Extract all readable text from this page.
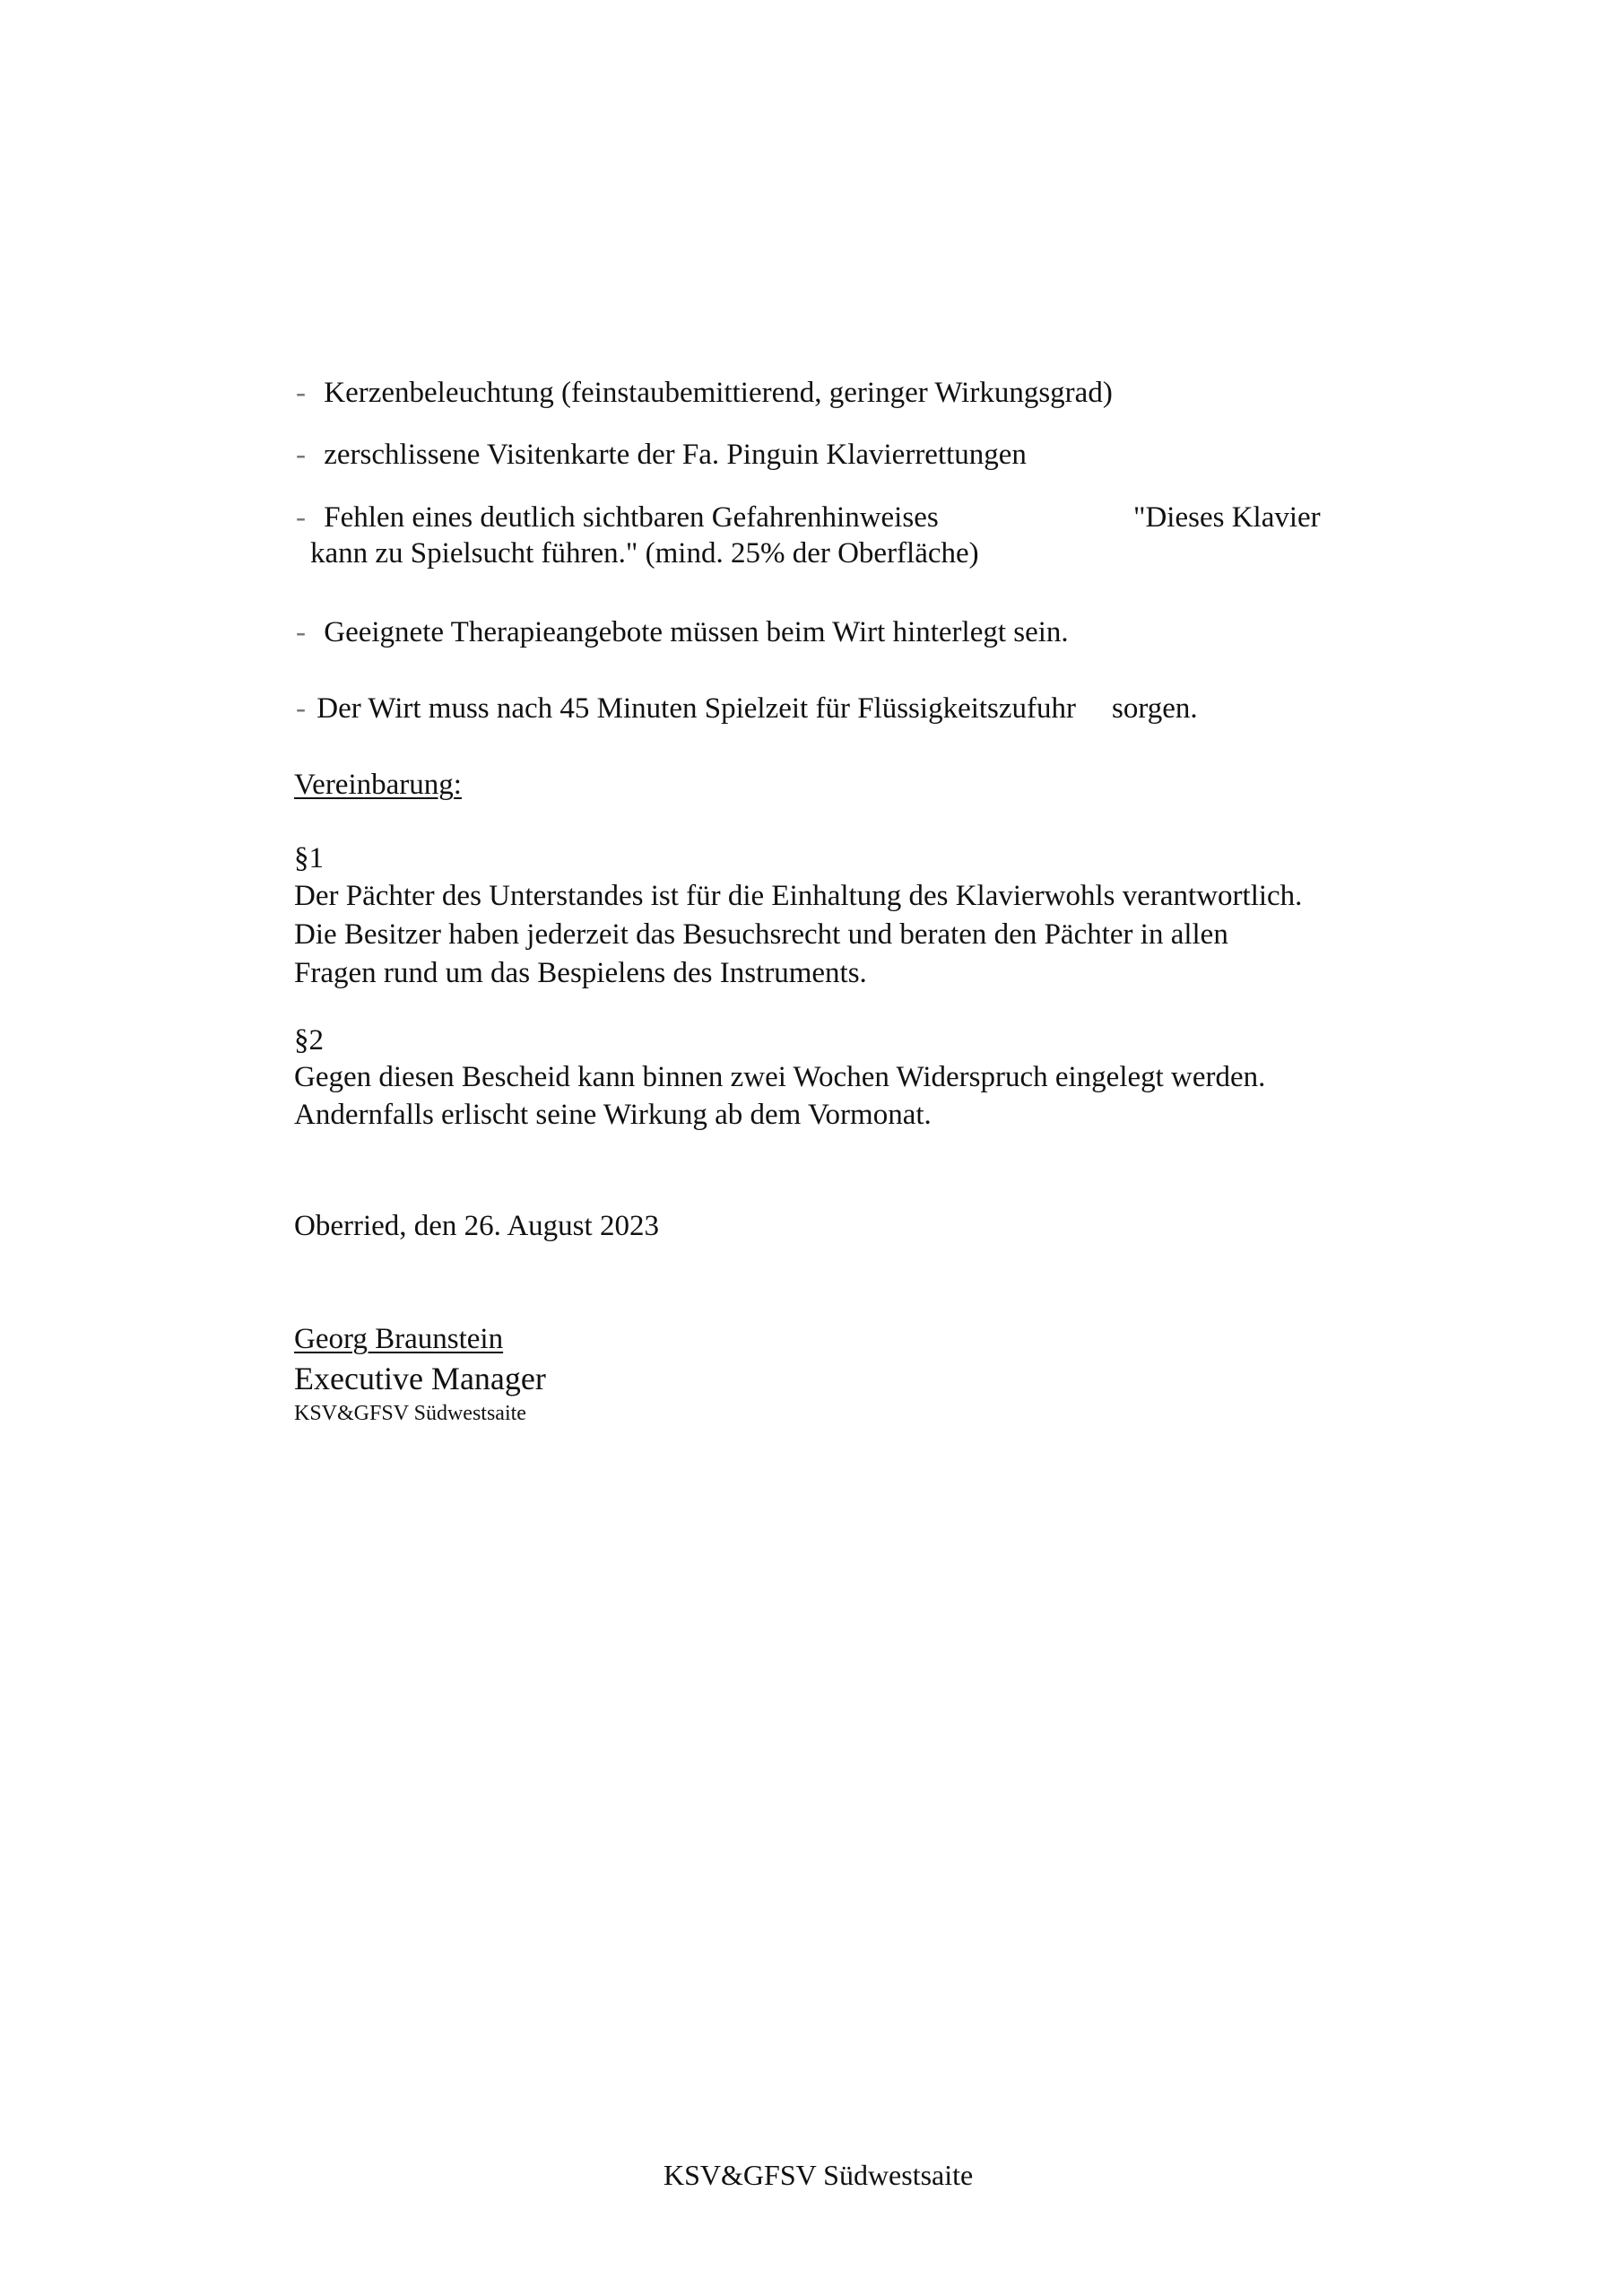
- Kerzenbeleuchtung (feinstaubemittierend, geringer Wirkungsgrad)
- zerschlissene Visitenkarte der Fa. Pinguin Klavierrettungen
- Fehlen eines deutlich sichtbaren Gefahrenhinweises	"Dieses Klavier
kann zu Spielsucht führen." (mind. 25% der Oberfläche)
- Geeignete Therapieangebote müssen beim Wirt hinterlegt sein.
- Der Wirt muss nach 45 Minuten Spielzeit für Flüssigkeitszufuhr sorgen.
Vereinbarung:
§1
Der Pächter des Unterstandes ist für die Einhaltung des Klavierwohls verantwortlich.
Die Besitzer haben jederzeit das Besuchsrecht und beraten den Pächter in allen
Fragen rund um das Bespielens des Instruments.
§2
Gegen diesen Bescheid kann binnen zwei Wochen Widerspruch eingelegt werden.
Andernfalls erlischt seine Wirkung ab dem Vormonat.
Oberried, den 26. August 2023
Georg Braunstein
Executive Manager
KSV&GFSV Südwestsaite
KSV&GFSV Südwestsaite
